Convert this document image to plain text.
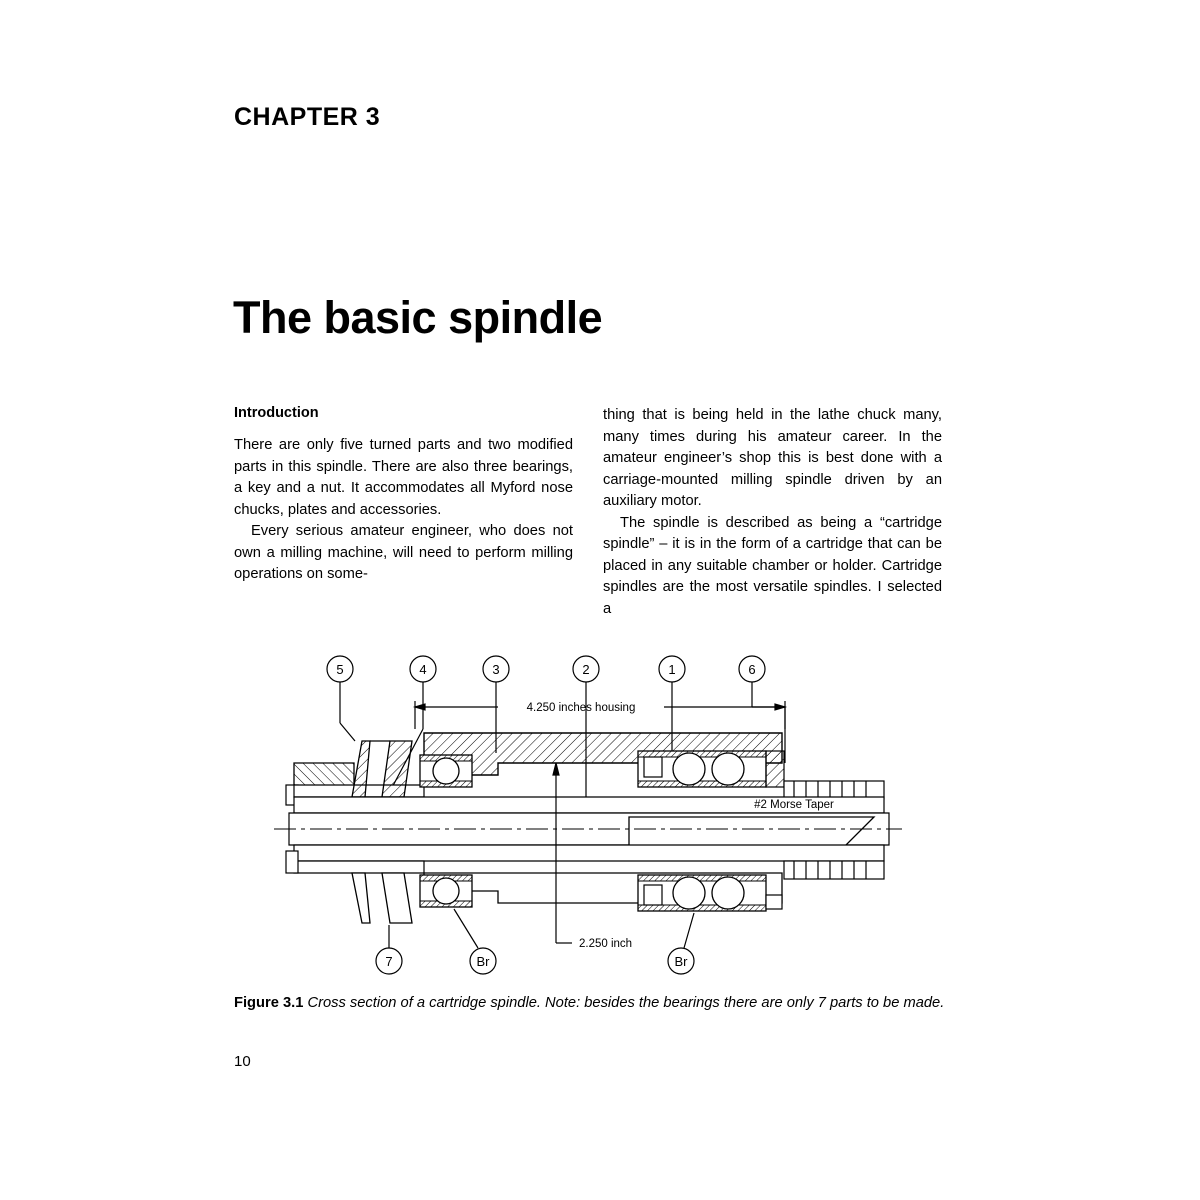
CHAPTER 3
The basic spindle
Introduction

There are only five turned parts and two modified parts in this spindle. There are also three bearings, a key and a nut. It accommodates all Myford nose chucks, plates and accessories.

Every serious amateur engineer, who does not own a milling machine, will need to perform milling operations on some-

thing that is being held in the lathe chuck many, many times during his amateur career. In the amateur engineer’s shop this is best done with a carriage-mounted milling spindle driven by an auxiliary motor.

The spindle is described as being a “cartridge spindle” – it is in the form of a cartridge that can be placed in any suitable chamber or holder. Cartridge spindles are the most versatile spindles. I selected a

5	4	3	2	1	6
4.250 inches housing
#2 Morse Taper
2.250 inch
7	Br	Br
Figure 3.1 Cross section of a cartridge spindle. Note: besides the bearings there are only 7 parts to be made.
10
